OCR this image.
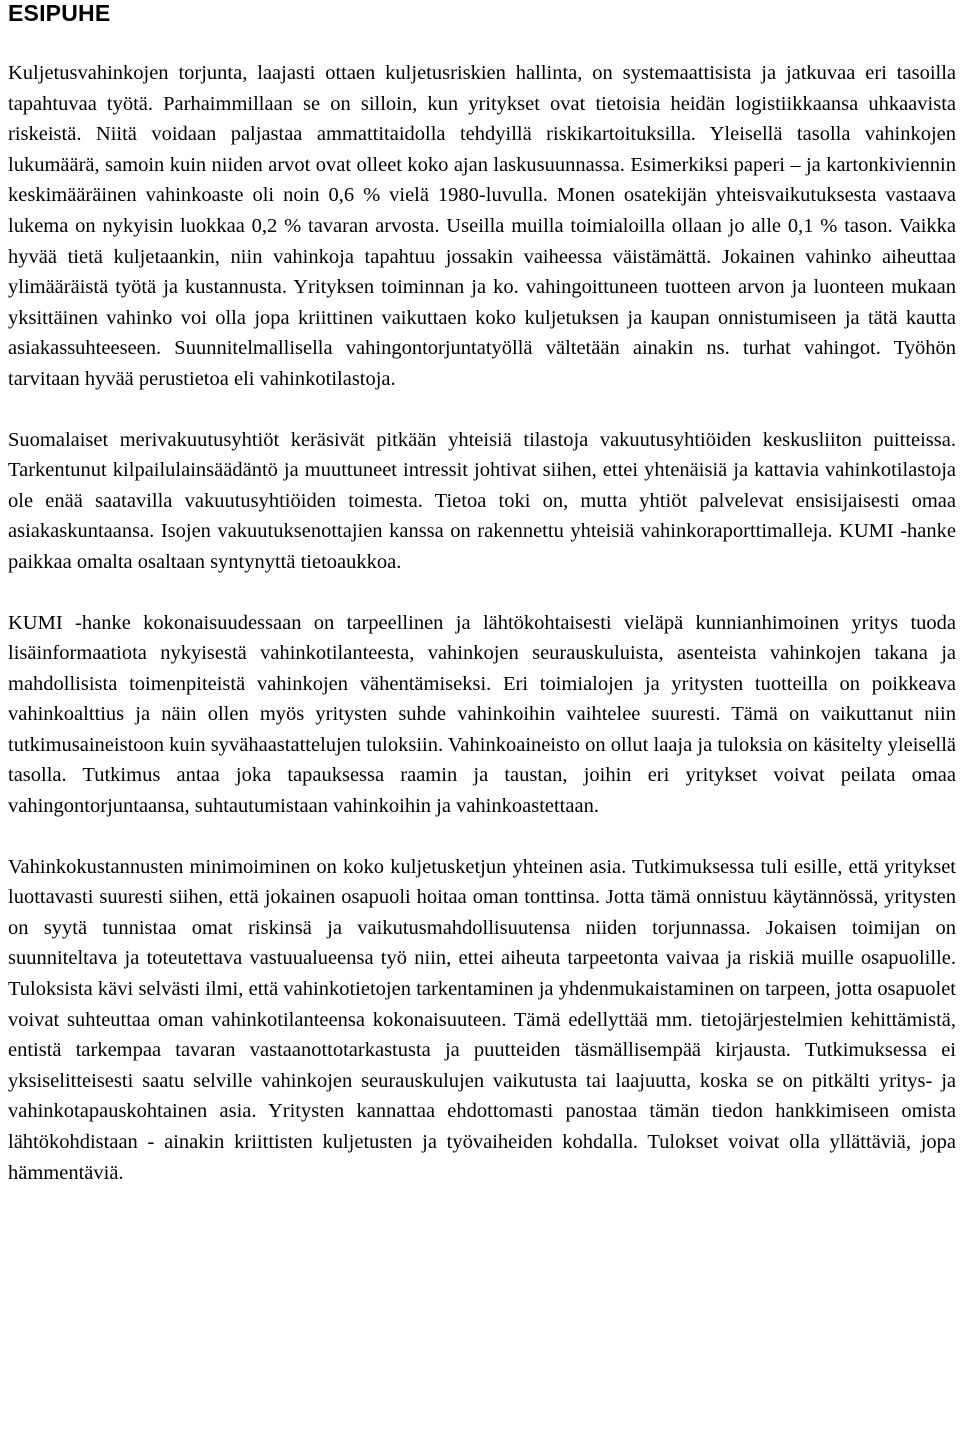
ESIPUHE

Kuljetusvahinkojen torjunta, laajasti ottaen kuljetusriskien hallinta, on systemaattisista ja jatkuvaa eri tasoilla tapahtuvaa työtä. Parhaimmillaan se on silloin, kun yritykset ovat tietoisia heidän logistiikkaansa uhkaavista riskeistä. Niitä voidaan paljastaa ammattitaidolla tehdyillä riskikartoituksilla. Yleisellä tasolla vahinkojen lukumäärä, samoin kuin niiden arvot ovat olleet koko ajan laskusuunnassa. Esimerkiksi paperi – ja kartonkiviennin keskimääräinen vahinkoaste oli noin 0,6 % vielä 1980-luvulla. Monen osatekijän yhteisvaikutuksesta vastaava lukema on nykyisin luokkaa 0,2 % tavaran arvosta. Useilla muilla toimialoilla ollaan jo alle 0,1 % tason. Vaikka hyvää tietä kuljetaankin, niin vahinkoja tapahtuu jossakin vaiheessa väistämättä. Jokainen vahinko aiheuttaa ylimääräistä työtä ja kustannusta. Yrityksen toiminnan ja ko. vahingoittuneen tuotteen arvon ja luonteen mukaan yksittäinen vahinko voi olla jopa kriittinen vaikuttaen koko kuljetuksen ja kaupan onnistumiseen ja tätä kautta asiakassuhteeseen. Suunnitelmallisella vahingontorjuntatyöllä vältetään ainakin ns. turhat vahingot. Työhön tarvitaan hyvää perustietoa eli vahinkotilastoja.

Suomalaiset merivakuutusyhtiöt keräsivät pitkään yhteisiä tilastoja vakuutusyhtiöiden keskusliiton puitteissa. Tarkentunut kilpailulainsäädäntö ja muuttuneet intressit johtivat siihen, ettei yhtenäisiä ja kattavia vahinkotilastoja ole enää saatavilla vakuutusyhtiöiden toimesta. Tietoa toki on, mutta yhtiöt palvelevat ensisijaisesti omaa asiakaskuntaansa. Isojen vakuutuksenottajien kanssa on rakennettu yhteisiä vahinkoraporttimalleja. KUMI -hanke paikkaa omalta osaltaan syntynyttä tietoaukkoa.

KUMI -hanke kokonaisuudessaan on tarpeellinen ja lähtökohtaisesti vieläpä kunnianhimoinen yritys tuoda lisäinformaatiota nykyisestä vahinkotilanteesta, vahinkojen seurauskuluista, asenteista vahinkojen takana ja mahdollisista toimenpiteistä vahinkojen vähentämiseksi. Eri toimialojen ja yritysten tuotteilla on poikkeava vahinkoalttius ja näin ollen myös yritysten suhde vahinkoihin vaihtelee suuresti. Tämä on vaikuttanut niin tutkimusaineistoon kuin syvähaastattelujen tuloksiin. Vahinkoaineisto on ollut laaja ja tuloksia on käsitelty yleisellä tasolla. Tutkimus antaa joka tapauksessa raamin ja taustan, joihin eri yritykset voivat peilata omaa vahingontorjuntaansa, suhtautumistaan vahinkoihin ja vahinkoastettaan.

Vahinkokustannusten minimoiminen on koko kuljetusketjun yhteinen asia. Tutkimuksessa tuli esille, että yritykset luottavasti suuresti siihen, että jokainen osapuoli hoitaa oman tonttinsa. Jotta tämä onnistuu käytännössä, yritysten on syytä tunnistaa omat riskinsä ja vaikutusmahdollisuutensa niiden torjunnassa. Jokaisen toimijan on suunniteltava ja toteutettava vastuualueensa työ niin, ettei aiheuta tarpeetonta vaivaa ja riskiä muille osapuolille. Tuloksista kävi selvästi ilmi, että vahinkotietojen tarkentaminen ja yhdenmukaistaminen on tarpeen, jotta osapuolet voivat suhteuttaa oman vahinkotilanteensa kokonaisuuteen. Tämä edellyttää mm. tietojärjestelmien kehittämistä, entistä tarkempaa tavaran vastaanottotarkastusta ja puutteiden täsmällisempää kirjausta. Tutkimuksessa ei yksiselitteisesti saatu selville vahinkojen seurauskulujen vaikutusta tai laajuutta, koska se on pitkälti yritys- ja vahinkotapauskohtainen asia. Yritysten kannattaa ehdottomasti panostaa tämän tiedon hankkimiseen omista lähtökohdistaan - ainakin kriittisten kuljetusten ja työvaiheiden kohdalla. Tulokset voivat olla yllättäviä, jopa hämmentäviä.
